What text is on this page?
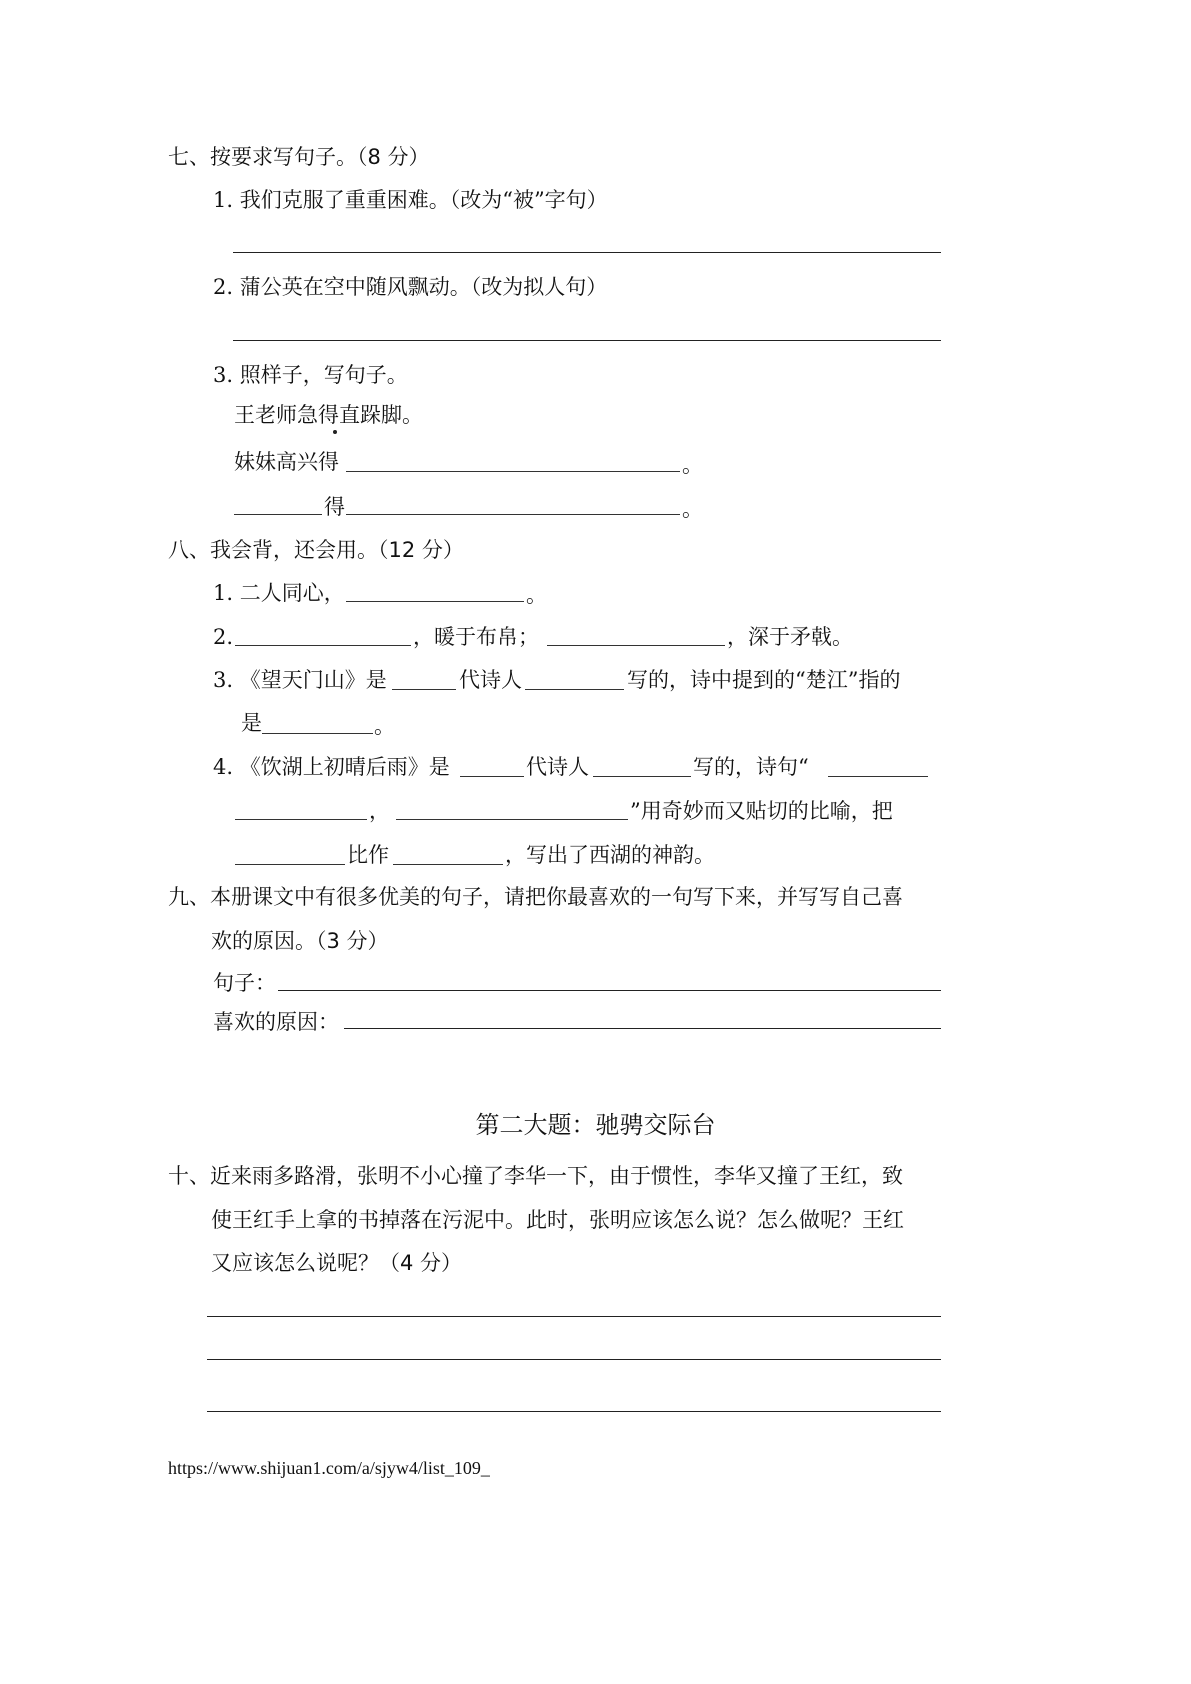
七、按要求写句子。（8 分）
1. 我们克服了重重困难。（改为“被”字句）
2. 蒲公英在空中随风飘动。（改为拟人句）
3. 照样子，写句子。
王老师急得直跺脚。
妹妹高兴得	。
得	。
八、我会背，还会用。（12 分）
1. 二人同心，	。
2.	，暖于布帛；	，深于矛戟。
3. 《望天门山》是	代诗人	写的，诗中提到的“楚江”指的
是	。
4. 《饮湖上初晴后雨》是	代诗人	写的，诗句“
，	”用奇妙而又贴切的比喻，把
比作	，写出了西湖的神韵。
九、本册课文中有很多优美的句子，请把你最喜欢的一句写下来，并写写自己喜
欢的原因。（3 分）
句子：
喜欢的原因：
第二大题：驰骋交际台
十、近来雨多路滑，张明不小心撞了李华一下，由于惯性，李华又撞了王红，致
使王红手上拿的书掉落在污泥中。此时，张明应该怎么说？怎么做呢？王红
又应该怎么说呢？（4 分）
https://www.shijuan1.com/a/sjyw4/list_109_
